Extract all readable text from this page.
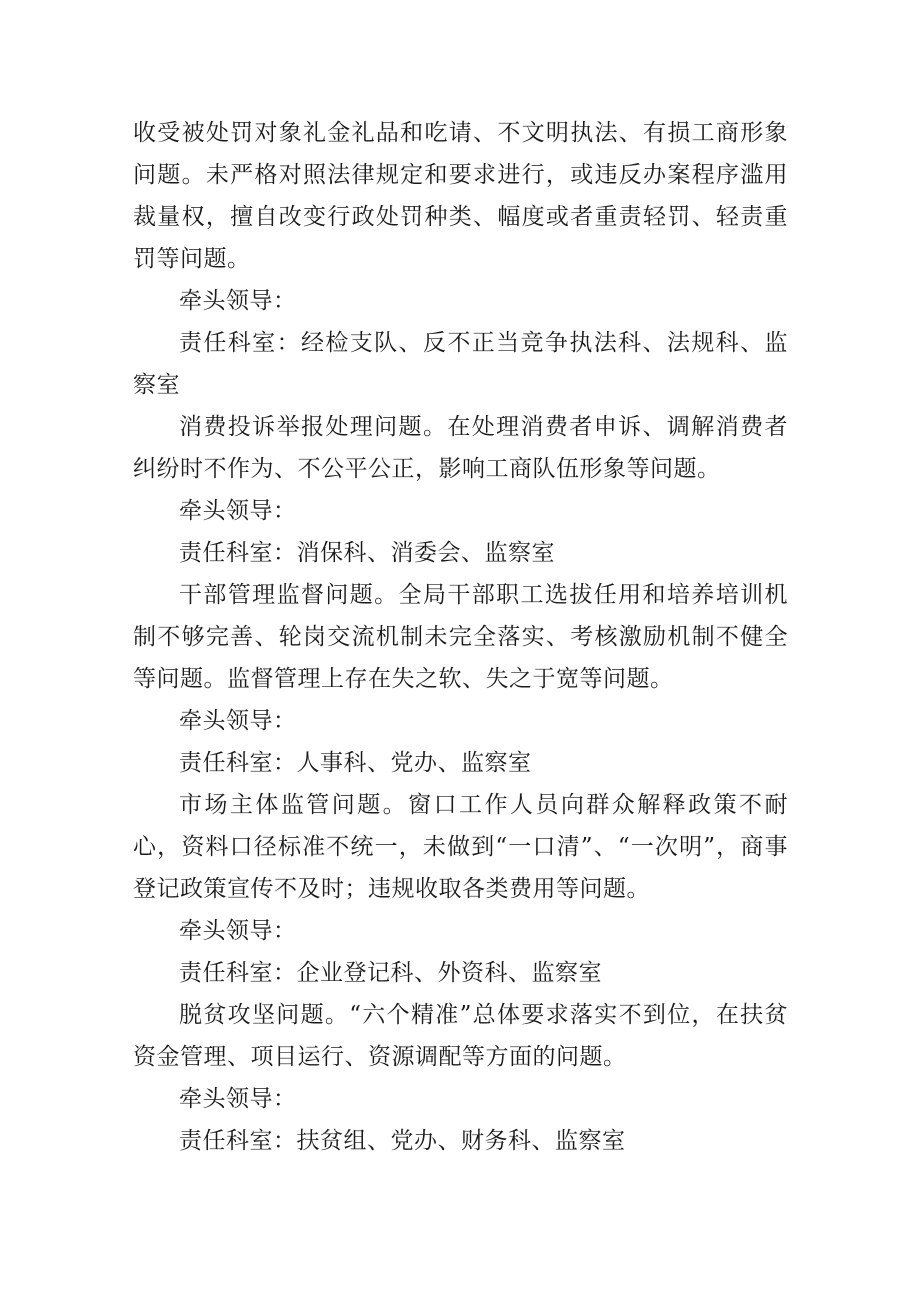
收受被处罚对象礼金礼品和吃请、不文明执法、有损工商形象问题。未严格对照法律规定和要求进行，或违反办案程序滥用裁量权，擅自改变行政处罚种类、幅度或者重责轻罚、轻责重罚等问题。

牵头领导：

责任科室：经检支队、反不正当竞争执法科、法规科、监察室

消费投诉举报处理问题。在处理消费者申诉、调解消费者纠纷时不作为、不公平公正，影响工商队伍形象等问题。

牵头领导：

责任科室：消保科、消委会、监察室

干部管理监督问题。全局干部职工选拔任用和培养培训机制不够完善、轮岗交流机制未完全落实、考核激励机制不健全等问题。监督管理上存在失之软、失之于宽等问题。

牵头领导：

责任科室：人事科、党办、监察室

市场主体监管问题。窗口工作人员向群众解释政策不耐心，资料口径标准不统一，未做到“一口清”、“一次明”，商事登记政策宣传不及时；违规收取各类费用等问题。

牵头领导：

责任科室：企业登记科、外资科、监察室

脱贫攻坚问题。“六个精准”总体要求落实不到位，在扶贫资金管理、项目运行、资源调配等方面的问题。

牵头领导：

责任科室：扶贫组、党办、财务科、监察室
